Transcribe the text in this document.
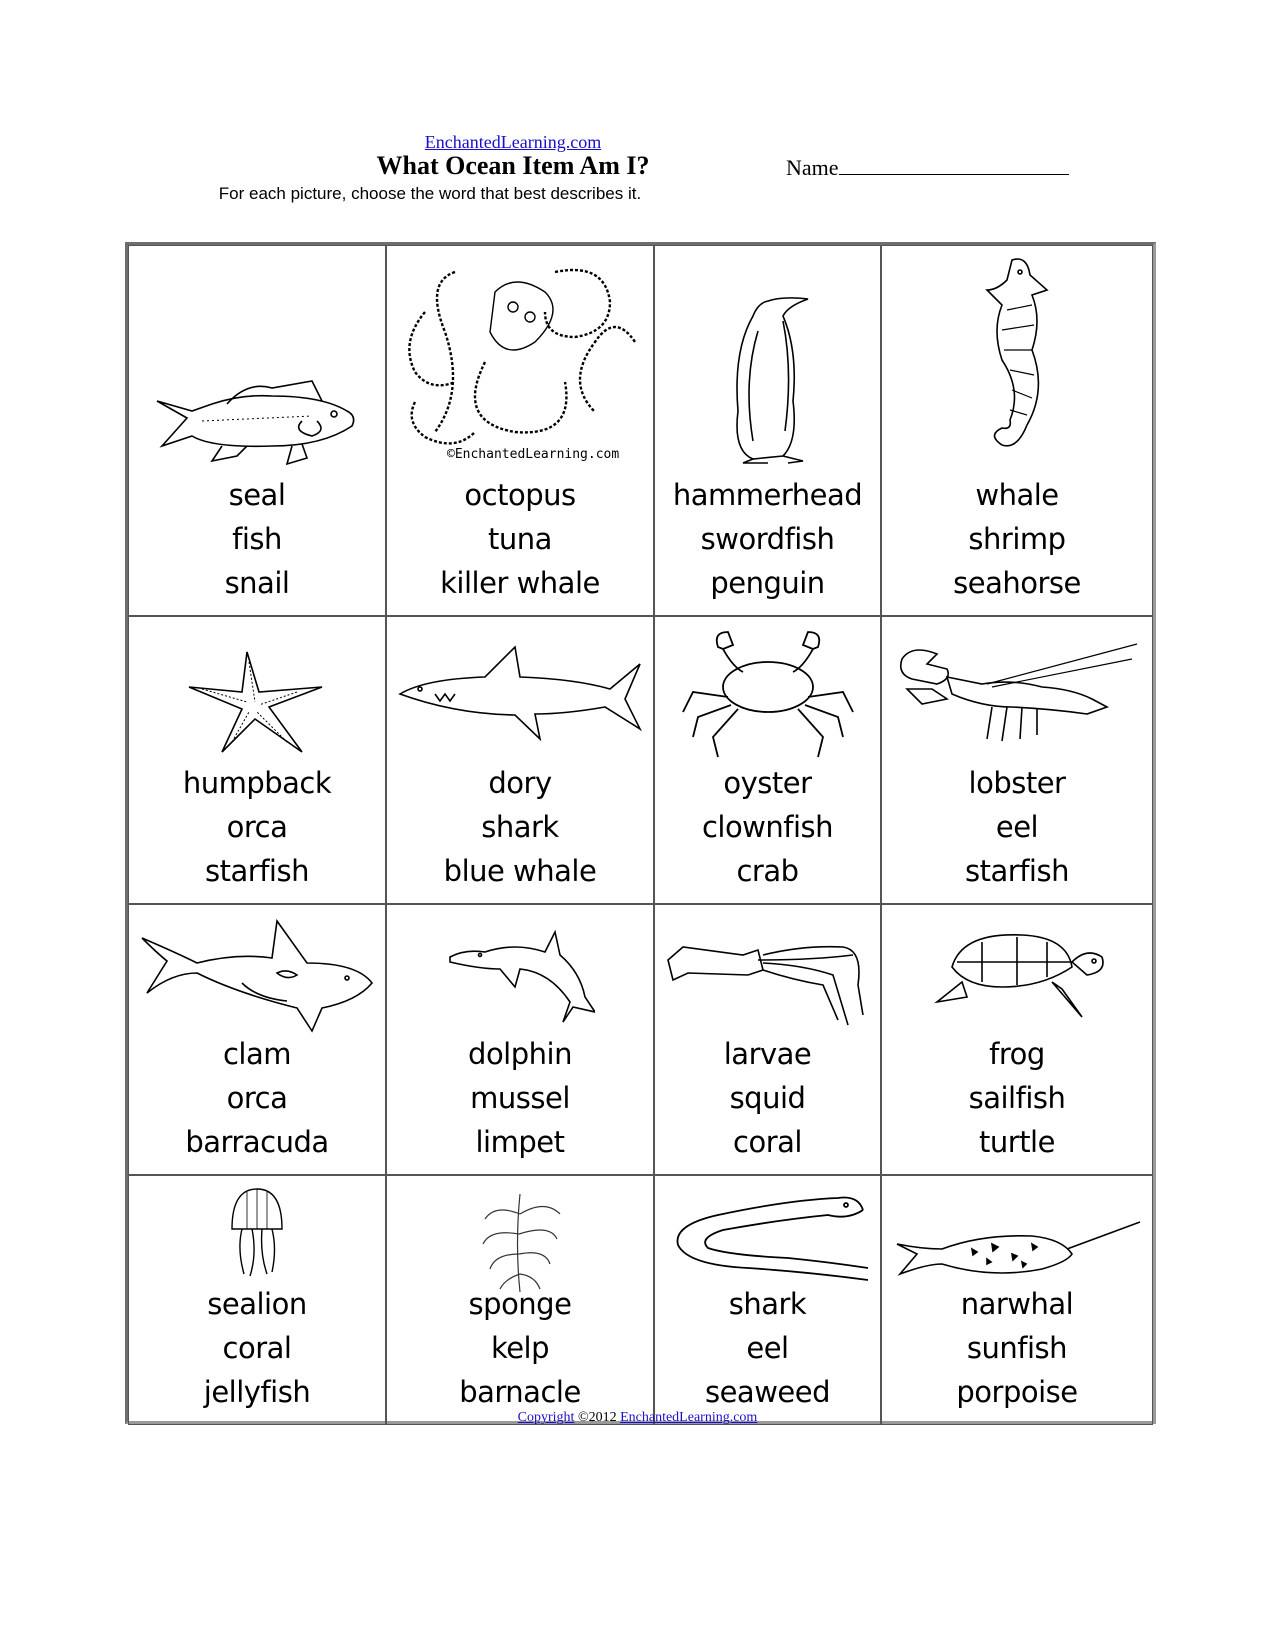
EnchantedLearning.com
What Ocean Item Am I?	Name
For each picture, choose the word that best describes it.
seal
fish
snail
©EnchantedLearning.com
octopus
tuna
killer whale
hammerhead
swordfish
penguin
whale
shrimp
seahorse
humpback
orca
starfish
dory
shark
blue whale
oyster
clownfish
crab
lobster
eel
starfish
clam
orca
barracuda
dolphin
mussel
limpet
larvae
squid
coral
frog
sailfish
turtle
sealion
coral
jellyfish
sponge
kelp
barnacle
shark
eel
seaweed
narwhal
sunfish
porpoise
Copyright ©2012 EnchantedLearning.com
